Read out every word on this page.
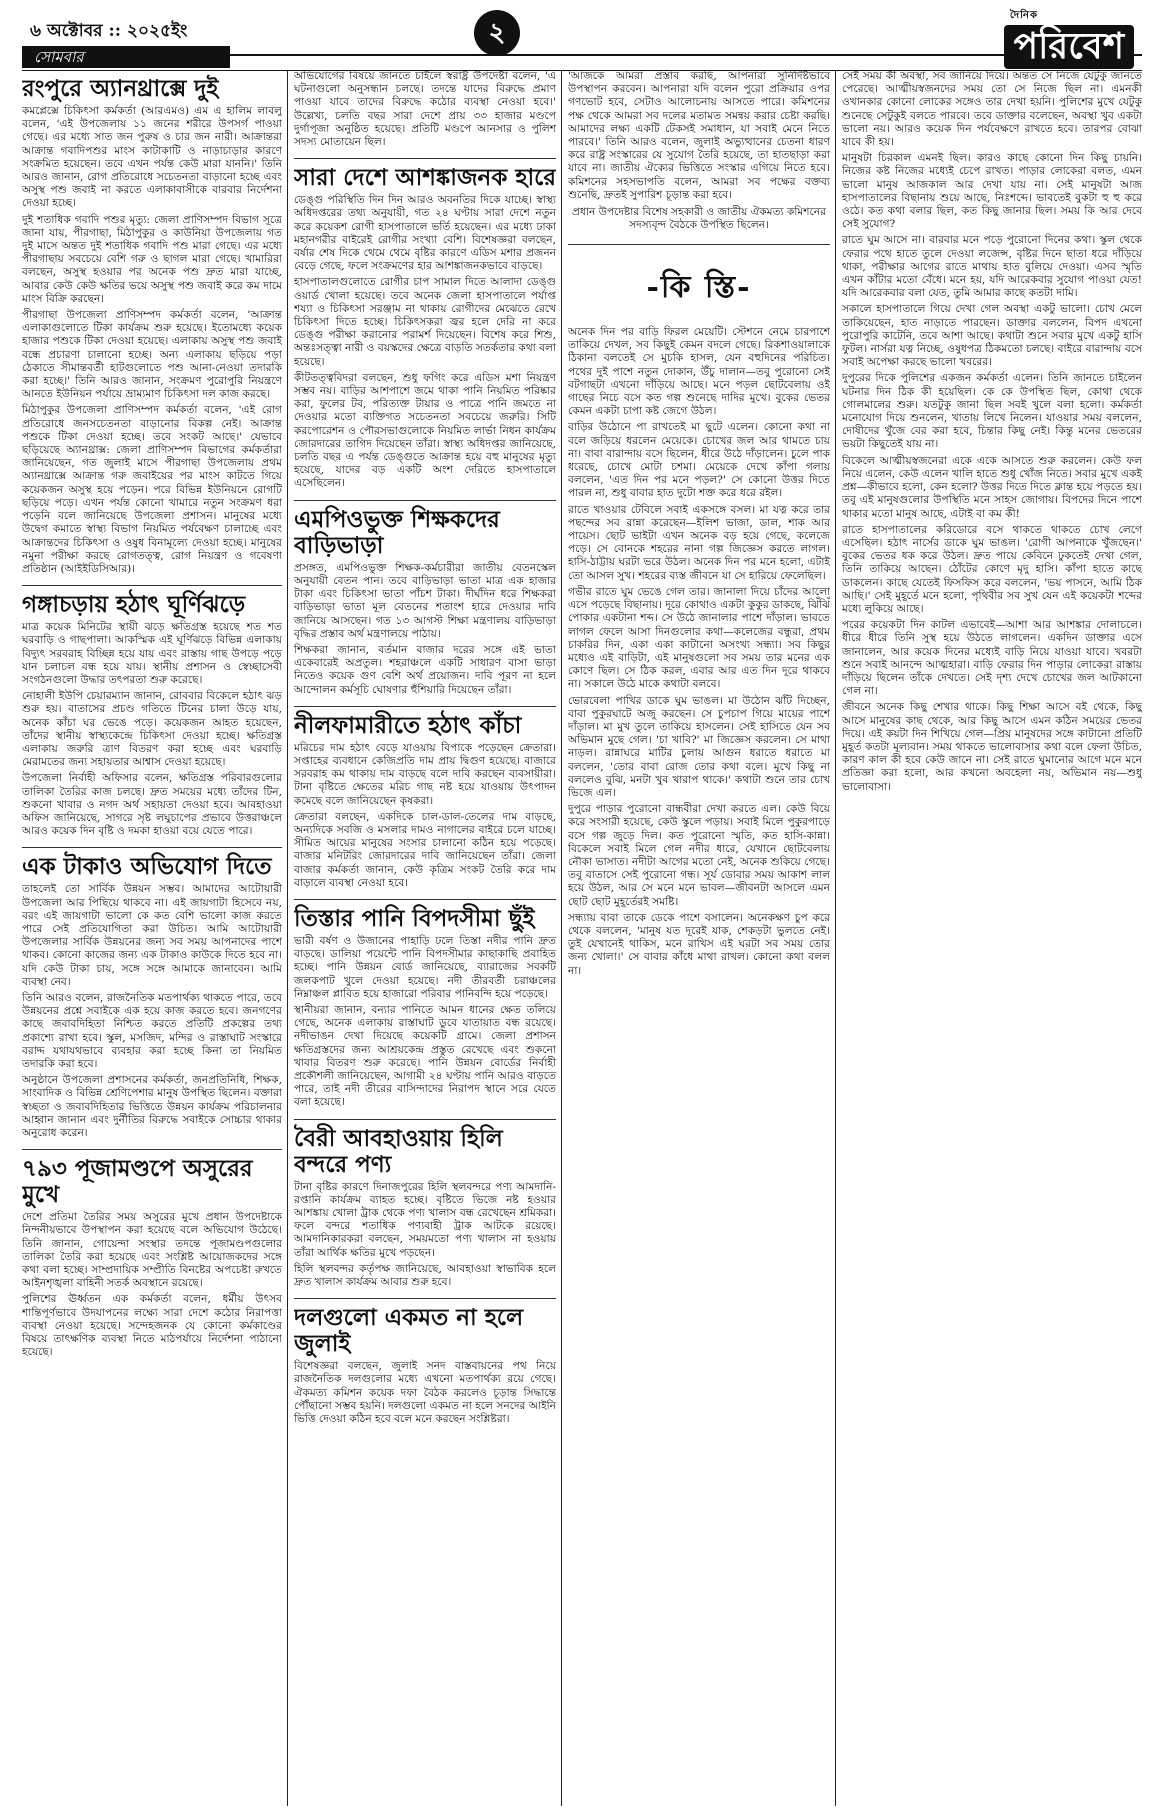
৬ অক্টোবর :: ২০২৫ইং	২
সোমবার
দৈনিক
পরিবেশ
রংপুরে অ্যানথ্রাক্সে দুই

কমপ্লেক্সে চিকিৎসা কর্মকর্তা (আরএমও) এম এ হালিম লাবলু বলেন, 'এই উপজেলায় ১১ জনের শরীরে উপসর্গ পাওয়া গেছে। এর মধ্যে সাত জন পুরুষ ও চার জন নারী। আক্রান্তরা আক্রান্ত গবাদিপশুর মাংস কাটাকাটি ও নাড়াচাড়ার কারণে সংক্রমিত হয়েছেন। তবে এখন পর্যন্ত কেউ মারা যাননি।' তিনি আরও জানান, রোগ প্রতিরোধে সচেতনতা বাড়ানো হচ্ছে এবং অসুস্থ পশু জবাই না করতে এলাকাবাসীকে বারবার নির্দেশনা দেওয়া হচ্ছে।

দুই শতাধিক গবাদি পশুর মৃত্যু: জেলা প্রাণিসম্পদ বিভাগ সূত্রে জানা যায়, পীরগাছা, মিঠাপুকুর ও কাউনিয়া উপজেলায় গত দুই মাসে অন্তত দুই শতাধিক গবাদি পশু মারা গেছে। এর মধ্যে পীরগাছায় সবচেয়ে বেশি গরু ও ছাগল মারা গেছে। খামারিরা বলছেন, অসুস্থ হওয়ার পর অনেক পশু দ্রুত মারা যাচ্ছে, আবার কেউ কেউ ক্ষতির ভয়ে অসুস্থ পশু জবাই করে কম দামে মাংস বিক্রি করছেন।

পীরগাছা উপজেলা প্রাণিসম্পদ কর্মকর্তা বলেন, 'আক্রান্ত এলাকাগুলোতে টিকা কার্যক্রম শুরু হয়েছে। ইতোমধ্যে কয়েক হাজার পশুকে টিকা দেওয়া হয়েছে। এলাকায় অসুস্থ পশু জবাই বন্ধে প্রচারণা চালানো হচ্ছে। অন্য এলাকায় ছড়িয়ে পড়া ঠেকাতে সীমান্তবর্তী হাটগুলোতে পশু আনা-নেওয়া তদারকি করা হচ্ছে।' তিনি আরও জানান, সংক্রমণ পুরোপুরি নিয়ন্ত্রণে আনতে ইউনিয়ন পর্যায়ে ভ্রাম্যমাণ চিকিৎসা দল কাজ করছে।

মিঠাপুকুর উপজেলা প্রাণিসম্পদ কর্মকর্তা বলেন, 'এই রোগ প্রতিরোধে জনসচেতনতা বাড়ানোর বিকল্প নেই। আক্রান্ত পশুকে টিকা দেওয়া হচ্ছে। তবে সংকট আছে।' যেভাবে ছড়িয়েছে অ্যানথ্রাক্স: জেলা প্রাণিসম্পদ বিভাগের কর্মকর্তারা জানিয়েছেন, গত জুলাই মাসে পীরগাছা উপজেলায় প্রথম অ্যানথ্রাক্সে আক্রান্ত গরু জবাইয়ের পর মাংস কাটতে গিয়ে কয়েকজন অসুস্থ হয়ে পড়েন। পরে বিভিন্ন ইউনিয়নে রোগটি ছড়িয়ে পড়ে। এখন পর্যন্ত কোনো খামারে নতুন সংক্রমণ ধরা পড়েনি বলে জানিয়েছে উপজেলা প্রশাসন। মানুষের মধ্যে উদ্বেগ কমাতে স্বাস্থ্য বিভাগ নিয়মিত পর্যবেক্ষণ চালাচ্ছে এবং আক্রান্তদের চিকিৎসা ও ওষুধ বিনামূল্যে দেওয়া হচ্ছে। মানুষের নমুনা পরীক্ষা করছে রোগতত্ত্ব, রোগ নিয়ন্ত্রণ ও গবেষণা প্রতিষ্ঠান (আইইডিসিআর)।

গঙ্গাচড়ায় হঠাৎ ঘূর্ণিঝড়ে

মাত্র কয়েক মিনিটের স্থায়ী ঝড়ে ক্ষতিগ্রস্ত হয়েছে শত শত ঘরবাড়ি ও গাছপালা। আকস্মিক এই ঘূর্ণিঝড়ে বিভিন্ন এলাকায় বিদ্যুৎ সরবরাহ বিচ্ছিন্ন হয়ে যায় এবং রাস্তায় গাছ উপড়ে পড়ে যান চলাচল বন্ধ হয়ে যায়। স্থানীয় প্রশাসন ও স্বেচ্ছাসেবী সংগঠনগুলো উদ্ধার তৎপরতা শুরু করেছে।

নোহালী ইউপি চেয়ারম্যান জানান, রোববার বিকেলে হঠাৎ ঝড় শুরু হয়। বাতাসের প্রচণ্ড গতিতে টিনের চালা উড়ে যায়, অনেক কাঁচা ঘর ভেঙে পড়ে। কয়েকজন আহত হয়েছেন, তাঁদের স্থানীয় স্বাস্থ্যকেন্দ্রে চিকিৎসা দেওয়া হচ্ছে। ক্ষতিগ্রস্ত এলাকায় জরুরি ত্রাণ বিতরণ করা হচ্ছে এবং ঘরবাড়ি মেরামতের জন্য সহায়তার আশ্বাস দেওয়া হয়েছে।

উপজেলা নির্বাহী অফিসার বলেন, ক্ষতিগ্রস্ত পরিবারগুলোর তালিকা তৈরির কাজ চলছে। দ্রুত সময়ের মধ্যে তাঁদের টিন, শুকনো খাবার ও নগদ অর্থ সহায়তা দেওয়া হবে। আবহাওয়া অফিস জানিয়েছে, সাগরে সৃষ্ট লঘুচাপের প্রভাবে উত্তরাঞ্চলে আরও কয়েক দিন বৃষ্টি ও দমকা হাওয়া বয়ে যেতে পারে।

এক টাকাও অভিযোগ দিতে

তাহলেই তো সার্বিক উন্নয়ন সম্ভব। আমাদের আটোয়ারী উপজেলা আর পিছিয়ে থাকবে না। এই জায়গাটা হিসেবে নয়, বরং এই জায়গাটা ভালো কে কত বেশি ভালো কাজ করতে পারে সেই প্রতিযোগিতা করা উচিত। আমি আটোয়ারী উপজেলার সার্বিক উন্নয়নের জন্য সব সময় আপনাদের পাশে থাকব। কোনো কাজের জন্য এক টাকাও কাউকে দিতে হবে না। যদি কেউ টাকা চায়, সঙ্গে সঙ্গে আমাকে জানাবেন। আমি ব্যবস্থা নেব।

তিনি আরও বলেন, রাজনৈতিক মতপার্থক্য থাকতে পারে, তবে উন্নয়নের প্রশ্নে সবাইকে এক হয়ে কাজ করতে হবে। জনগণের কাছে জবাবদিহিতা নিশ্চিত করতে প্রতিটি প্রকল্পের তথ্য প্রকাশ্যে রাখা হবে। স্কুল, মসজিদ, মন্দির ও রাস্তাঘাট সংস্কারে বরাদ্দ যথাযথভাবে ব্যবহার করা হচ্ছে কিনা তা নিয়মিত তদারকি করা হবে।

অনুষ্ঠানে উপজেলা প্রশাসনের কর্মকর্তা, জনপ্রতিনিধি, শিক্ষক, সাংবাদিক ও বিভিন্ন শ্রেণিপেশার মানুষ উপস্থিত ছিলেন। বক্তারা স্বচ্ছতা ও জবাবদিহিতার ভিত্তিতে উন্নয়ন কার্যক্রম পরিচালনার আহ্বান জানান এবং দুর্নীতির বিরুদ্ধে সবাইকে সোচ্চার থাকার অনুরোধ করেন।

৭৯৩ পূজামণ্ডপে অসুরের মুখে

দেশে প্রতিমা তৈরির সময় অসুরের মুখে প্রধান উপদেষ্টাকে নিন্দনীয়ভাবে উপস্থাপন করা হয়েছে বলে অভিযোগ উঠেছে। তিনি জানান, গোয়েন্দা সংস্থার তদন্তে পূজামণ্ডপগুলোর তালিকা তৈরি করা হয়েছে এবং সংশ্লিষ্ট আয়োজকদের সঙ্গে কথা বলা হচ্ছে। সাম্প্রদায়িক সম্প্রীতি বিনষ্টের অপচেষ্টা রুখতে আইনশৃঙ্খলা বাহিনী সতর্ক অবস্থানে রয়েছে।

পুলিশের ঊর্ধ্বতন এক কর্মকর্তা বলেন, ধর্মীয় উৎসব শান্তিপূর্ণভাবে উদযাপনের লক্ষ্যে সারা দেশে কঠোর নিরাপত্তা ব্যবস্থা নেওয়া হয়েছে। সন্দেহজনক যে কোনো কর্মকাণ্ডের বিষয়ে তাৎক্ষণিক ব্যবস্থা নিতে মাঠপর্যায়ে নির্দেশনা পাঠানো হয়েছে।

অভিযোগের বিষয়ে জানতে চাইলে স্বরাষ্ট্র উপদেষ্টা বলেন, 'এ ঘটনাগুলো অনুসন্ধান চলছে। তদন্তে যাদের বিরুদ্ধে প্রমাণ পাওয়া যাবে তাদের বিরুদ্ধে কঠোর ব্যবস্থা নেওয়া হবে।' উল্লেখ্য, চলতি বছর সারা দেশে প্রায় ৩৩ হাজার মণ্ডপে দুর্গাপূজা অনুষ্ঠিত হয়েছে। প্রতিটি মণ্ডপে আনসার ও পুলিশ সদস্য মোতায়েন ছিল।

সারা দেশে আশঙ্কাজনক হারে

ডেঙ্গু পরিস্থিতি দিন দিন আরও অবনতির দিকে যাচ্ছে। স্বাস্থ্য অধিদপ্তরের তথ্য অনুযায়ী, গত ২৪ ঘণ্টায় সারা দেশে নতুন করে কয়েকশ রোগী হাসপাতালে ভর্তি হয়েছেন। এর মধ্যে ঢাকা মহানগরীর বাইরেই রোগীর সংখ্যা বেশি। বিশেষজ্ঞরা বলছেন, বর্ষার শেষ দিকে থেমে থেমে বৃষ্টির কারণে এডিস মশার প্রজনন বেড়ে গেছে, ফলে সংক্রমণের হার আশঙ্কাজনকভাবে বাড়ছে।

হাসপাতালগুলোতে রোগীর চাপ সামাল দিতে আলাদা ডেঙ্গু ওয়ার্ড খোলা হয়েছে। তবে অনেক জেলা হাসপাতালে পর্যাপ্ত শয্যা ও চিকিৎসা সরঞ্জাম না থাকায় রোগীদের মেঝেতে রেখে চিকিৎসা দিতে হচ্ছে। চিকিৎসকরা জ্বর হলে দেরি না করে ডেঙ্গু পরীক্ষা করানোর পরামর্শ দিয়েছেন। বিশেষ করে শিশু, অন্তঃসত্ত্বা নারী ও বয়স্কদের ক্ষেত্রে বাড়তি সতর্কতার কথা বলা হয়েছে।

কীটতত্ত্ববিদরা বলছেন, শুধু ফগিং করে এডিস মশা নিয়ন্ত্রণ সম্ভব নয়। বাড়ির আশপাশে জমে থাকা পানি নিয়মিত পরিষ্কার করা, ফুলের টব, পরিত্যক্ত টায়ার ও পাত্রে পানি জমতে না দেওয়ার মতো ব্যক্তিগত সচেতনতা সবচেয়ে জরুরি। সিটি করপোরেশন ও পৌরসভাগুলোকে নিয়মিত লার্ভা নিধন কার্যক্রম জোরদারের তাগিদ দিয়েছেন তাঁরা। স্বাস্থ্য অধিদপ্তর জানিয়েছে, চলতি বছর এ পর্যন্ত ডেঙ্গুতে আক্রান্ত হয়ে বহু মানুষের মৃত্যু হয়েছে, যাদের বড় একটি অংশ দেরিতে হাসপাতালে এসেছিলেন।

এমপিওভুক্ত শিক্ষকদের বাড়িভাড়া

প্রসঙ্গত, এমপিওভুক্ত শিক্ষক-কর্মচারীরা জাতীয় বেতনস্কেল অনুযায়ী বেতন পান। তবে বাড়িভাড়া ভাতা মাত্র এক হাজার টাকা এবং চিকিৎসা ভাতা পাঁচশ টাকা। দীর্ঘদিন ধরে শিক্ষকরা বাড়িভাড়া ভাতা মূল বেতনের শতাংশ হারে দেওয়ার দাবি জানিয়ে আসছেন। গত ১৩ আগস্ট শিক্ষা মন্ত্রণালয় বাড়িভাড়া বৃদ্ধির প্রস্তাব অর্থ মন্ত্রণালয়ে পাঠায়।

শিক্ষকরা জানান, বর্তমান বাজার দরের সঙ্গে এই ভাতা একেবারেই অপ্রতুল। শহরাঞ্চলে একটি সাধারণ বাসা ভাড়া নিতেও কয়েক গুণ বেশি অর্থ প্রয়োজন। দাবি পূরণ না হলে আন্দোলন কর্মসূচি ঘোষণার হুঁশিয়ারি দিয়েছেন তাঁরা।

নীলফামারীতে হঠাৎ কাঁচা

মরিচের দাম হঠাৎ বেড়ে যাওয়ায় বিপাকে পড়েছেন ক্রেতারা। সপ্তাহের ব্যবধানে কেজিপ্রতি দাম প্রায় দ্বিগুণ হয়েছে। বাজারে সরবরাহ কম থাকায় দাম বাড়ছে বলে দাবি করছেন ব্যবসায়ীরা। টানা বৃষ্টিতে ক্ষেতের মরিচ গাছ নষ্ট হয়ে যাওয়ায় উৎপাদন কমেছে বলে জানিয়েছেন কৃষকরা।

ক্রেতারা বলছেন, একদিকে চাল-ডাল-তেলের দাম বাড়ছে, অন্যদিকে সবজি ও মসলার দামও নাগালের বাইরে চলে যাচ্ছে। সীমিত আয়ের মানুষের সংসার চালানো কঠিন হয়ে পড়েছে। বাজার মনিটরিং জোরদারের দাবি জানিয়েছেন তাঁরা। জেলা বাজার কর্মকর্তা জানান, কেউ কৃত্রিম সংকট তৈরি করে দাম বাড়ালে ব্যবস্থা নেওয়া হবে।

তিস্তার পানি বিপদসীমা ছুঁই

ভারী বর্ষণ ও উজানের পাহাড়ি ঢলে তিস্তা নদীর পানি দ্রুত বাড়ছে। ডালিয়া পয়েন্টে পানি বিপদসীমার কাছাকাছি প্রবাহিত হচ্ছে। পানি উন্নয়ন বোর্ড জানিয়েছে, ব্যারাজের সবকটি জলকপাট খুলে দেওয়া হয়েছে। নদী তীরবর্তী চরাঞ্চলের নিম্নাঞ্চল প্লাবিত হয়ে হাজারো পরিবার পানিবন্দি হয়ে পড়েছে।

স্থানীয়রা জানান, বন্যার পানিতে আমন ধানের ক্ষেত তলিয়ে গেছে, অনেক এলাকায় রাস্তাঘাট ডুবে যাতায়াত বন্ধ রয়েছে। নদীভাঙন দেখা দিয়েছে কয়েকটি গ্রামে। জেলা প্রশাসন ক্ষতিগ্রস্তদের জন্য আশ্রয়কেন্দ্র প্রস্তুত রেখেছে এবং শুকনো খাবার বিতরণ শুরু করেছে। পানি উন্নয়ন বোর্ডের নির্বাহী প্রকৌশলী জানিয়েছেন, আগামী ২৪ ঘণ্টায় পানি আরও বাড়তে পারে, তাই নদী তীরের বাসিন্দাদের নিরাপদ স্থানে সরে যেতে বলা হয়েছে।

বৈরী আবহাওয়ায় হিলি বন্দরে পণ্য

টানা বৃষ্টির কারণে দিনাজপুরের হিলি স্থলবন্দরে পণ্য আমদানি-রপ্তানি কার্যক্রম ব্যাহত হচ্ছে। বৃষ্টিতে ভিজে নষ্ট হওয়ার আশঙ্কায় খোলা ট্রাক থেকে পণ্য খালাস বন্ধ রেখেছেন শ্রমিকরা। ফলে বন্দরে শতাধিক পণ্যবাহী ট্রাক আটকে রয়েছে। আমদানিকারকরা বলছেন, সময়মতো পণ্য খালাস না হওয়ায় তাঁরা আর্থিক ক্ষতির মুখে পড়ছেন।

হিলি স্থলবন্দর কর্তৃপক্ষ জানিয়েছে, আবহাওয়া স্বাভাবিক হলে দ্রুত খালাস কার্যক্রম আবার শুরু হবে।

দলগুলো একমত না হলে জুলাই

বিশেষজ্ঞরা বলছেন, জুলাই সনদ বাস্তবায়নের পথ নিয়ে রাজনৈতিক দলগুলোর মধ্যে এখনো মতপার্থক্য রয়ে গেছে। ঐকমত্য কমিশন কয়েক দফা বৈঠক করলেও চূড়ান্ত সিদ্ধান্তে পৌঁছানো সম্ভব হয়নি। দলগুলো একমত না হলে সনদের আইনি ভিত্তি দেওয়া কঠিন হবে বলে মনে করছেন সংশ্লিষ্টরা।

'আজকে আমরা প্রস্তাব করছি, আপনারা সুনির্দিষ্টভাবে উপস্থাপন করবেন। আপনারা যদি বলেন পুরো প্রক্রিয়ার ওপর গণভোট হবে, সেটাও আলোচনায় আসতে পারে। কমিশনের পক্ষ থেকে আমরা সব দলের মতামত সমন্বয় করার চেষ্টা করছি। আমাদের লক্ষ্য একটি টেকসই সমাধান, যা সবাই মেনে নিতে পারবে।' তিনি আরও বলেন, জুলাই অভ্যুত্থানের চেতনা ধারণ করে রাষ্ট্র সংস্কারের যে সুযোগ তৈরি হয়েছে, তা হাতছাড়া করা যাবে না। জাতীয় ঐক্যের ভিত্তিতে সংস্কার এগিয়ে নিতে হবে। কমিশনের সহসভাপতি বলেন, আমরা সব পক্ষের বক্তব্য শুনেছি, দ্রুতই সুপারিশ চূড়ান্ত করা হবে।

প্রধান উপদেষ্টার বিশেষ সহকারী ও জাতীয় ঐকমত্য কমিশনের সদস্যবৃন্দ বৈঠকে উপস্থিত ছিলেন।

-কি স্তি-

অনেক দিন পর বাড়ি ফিরল মেয়েটি। স্টেশনে নেমে চারপাশে তাকিয়ে দেখল, সব কিছুই কেমন বদলে গেছে। রিকশাওয়ালাকে ঠিকানা বলতেই সে মুচকি হাসল, যেন বহুদিনের পরিচিত। পথের দুই পাশে নতুন দোকান, উঁচু দালান—তবু পুরোনো সেই বটগাছটা এখনো দাঁড়িয়ে আছে। মনে পড়ল ছোটবেলায় ওই গাছের নিচে বসে কত গল্প শুনেছে দাদির মুখে। বুকের ভেতর কেমন একটা চাপা কষ্ট জেগে উঠল।

বাড়ির উঠোনে পা রাখতেই মা ছুটে এলেন। কোনো কথা না বলে জড়িয়ে ধরলেন মেয়েকে। চোখের জল আর থামতে চায় না। বাবা বারান্দায় বসে ছিলেন, ধীরে উঠে দাঁড়ালেন। চুলে পাক ধরেছে, চোখে মোটা চশমা। মেয়েকে দেখে কাঁপা গলায় বললেন, 'এত দিন পর মনে পড়ল?' সে কোনো উত্তর দিতে পারল না, শুধু বাবার হাত দুটো শক্ত করে ধরে রইল।

রাতে খাওয়ার টেবিলে সবাই একসঙ্গে বসল। মা যত্ন করে তার পছন্দের সব রান্না করেছেন—ইলিশ ভাজা, ডাল, শাক আর পায়েস। ছোট ভাইটা এখন অনেক বড় হয়ে গেছে, কলেজে পড়ে। সে বোনকে শহরের নানা গল্প জিজ্ঞেস করতে লাগল। হাসি-ঠাট্টায় ঘরটা ভরে উঠল। অনেক দিন পর মনে হলো, এটাই তো আসল সুখ। শহরের ব্যস্ত জীবনে যা সে হারিয়ে ফেলেছিল।

গভীর রাতে ঘুম ভেঙে গেল তার। জানালা দিয়ে চাঁদের আলো এসে পড়েছে বিছানায়। দূরে কোথাও একটা কুকুর ডাকছে, ঝিঁঝিঁ পোকার একটানা শব্দ। সে উঠে জানালার পাশে দাঁড়াল। ভাবতে লাগল ফেলে আসা দিনগুলোর কথা—কলেজের বন্ধুরা, প্রথম চাকরির দিন, একা একা কাটানো অসংখ্য সন্ধ্যা। সব কিছুর মধ্যেও এই বাড়িটা, এই মানুষগুলো সব সময় তার মনের এক কোণে ছিল। সে ঠিক করল, এবার আর এত দিন দূরে থাকবে না। সকালে উঠে মাকে কথাটা বলবে।

ভোরবেলা পাখির ডাকে ঘুম ভাঙল। মা উঠোন ঝাঁট দিচ্ছেন, বাবা পুকুরঘাটে অজু করছেন। সে চুপচাপ গিয়ে মায়ের পাশে দাঁড়াল। মা মুখ তুলে তাকিয়ে হাসলেন। সেই হাসিতে যেন সব অভিমান মুছে গেল। 'চা খাবি?' মা জিজ্ঞেস করলেন। সে মাথা নাড়ল। রান্নাঘরে মাটির চুলায় আগুন ধরাতে ধরাতে মা বললেন, 'তোর বাবা রোজ তোর কথা বলে। মুখে কিছু না বললেও বুঝি, মনটা খুব খারাপ থাকে।' কথাটা শুনে তার চোখ ভিজে এল।

দুপুরে পাড়ার পুরোনো বান্ধবীরা দেখা করতে এল। কেউ বিয়ে করে সংসারী হয়েছে, কেউ স্কুলে পড়ায়। সবাই মিলে পুকুরপাড়ে বসে গল্প জুড়ে দিল। কত পুরোনো স্মৃতি, কত হাসি-কান্না। বিকেলে সবাই মিলে গেল নদীর ধারে, যেখানে ছোটবেলায় নৌকা ভাসাত। নদীটা আগের মতো নেই, অনেক শুকিয়ে গেছে। তবু বাতাসে সেই পুরোনো গন্ধ। সূর্য ডোবার সময় আকাশ লাল হয়ে উঠল, আর সে মনে মনে ভাবল—জীবনটা আসলে এমন ছোট ছোট মুহূর্তেরই সমষ্টি।

সন্ধ্যায় বাবা তাকে ডেকে পাশে বসালেন। অনেকক্ষণ চুপ করে থেকে বললেন, 'মানুষ যত দূরেই যাক, শেকড়টা ভুলতে নেই। তুই যেখানেই থাকিস, মনে রাখিস এই ঘরটা সব সময় তোর জন্য খোলা।' সে বাবার কাঁধে মাথা রাখল। কোনো কথা বলল না।

সেই সময় কী অবস্থা, সব জানিয়ে দিয়ে। অন্তত সে নিজে যেটুকু জানতে পেরেছে। আত্মীয়স্বজনদের সময় তো সে নিজে ছিল না। এমনকী ওখানকার কোনো লোকের সঙ্গেও তার দেখা হয়নি। পুলিশের মুখে যেটুকু শুনেছে সেটুকুই বলতে পারবে। তবে ডাক্তার বলেছেন, অবস্থা খুব একটা ভালো নয়। আরও কয়েক দিন পর্যবেক্ষণে রাখতে হবে। তারপর বোঝা যাবে কী হয়।

মানুষটা চিরকাল এমনই ছিল। কারও কাছে কোনো দিন কিছু চায়নি। নিজের কষ্ট নিজের মধ্যেই চেপে রাখত। পাড়ার লোকেরা বলত, এমন ভালো মানুষ আজকাল আর দেখা যায় না। সেই মানুষটা আজ হাসপাতালের বিছানায় শুয়ে আছে, নিঃশব্দে। ভাবতেই বুকটা হু হু করে ওঠে। কত কথা বলার ছিল, কত কিছু জানার ছিল। সময় কি আর দেবে সেই সুযোগ?

রাতে ঘুম আসে না। বারবার মনে পড়ে পুরোনো দিনের কথা। স্কুল থেকে ফেরার পথে হাতে তুলে দেওয়া লজেন্স, বৃষ্টির দিনে ছাতা ধরে দাঁড়িয়ে থাকা, পরীক্ষার আগের রাতে মাথায় হাত বুলিয়ে দেওয়া। এসব স্মৃতি এখন কাঁটার মতো বেঁধে। মনে হয়, যদি আরেকবার সুযোগ পাওয়া যেত! যদি আরেকবার বলা যেত, তুমি আমার কাছে কতটা দামি।

সকালে হাসপাতালে গিয়ে দেখা গেল অবস্থা একটু ভালো। চোখ মেলে তাকিয়েছেন, হাত নাড়াতে পারছেন। ডাক্তার বললেন, বিপদ এখনো পুরোপুরি কাটেনি, তবে আশা আছে। কথাটা শুনে সবার মুখে একটু হাসি ফুটল। নার্সরা যত্ন নিচ্ছে, ওষুধপত্র ঠিকমতো চলছে। বাইরে বারান্দায় বসে সবাই অপেক্ষা করছে ভালো খবরের।

দুপুরের দিকে পুলিশের একজন কর্মকর্তা এলেন। তিনি জানতে চাইলেন ঘটনার দিন ঠিক কী হয়েছিল। কে কে উপস্থিত ছিল, কোথা থেকে গোলমালের শুরু। যতটুকু জানা ছিল সবই খুলে বলা হলো। কর্মকর্তা মনোযোগ দিয়ে শুনলেন, খাতায় লিখে নিলেন। যাওয়ার সময় বললেন, দোষীদের খুঁজে বের করা হবে, চিন্তার কিছু নেই। কিন্তু মনের ভেতরের ভয়টা কিছুতেই যায় না।

বিকেলে আত্মীয়স্বজনেরা একে একে আসতে শুরু করলেন। কেউ ফল নিয়ে এলেন, কেউ এলেন খালি হাতে শুধু খোঁজ নিতে। সবার মুখে একই প্রশ্ন—কীভাবে হলো, কেন হলো? উত্তর দিতে দিতে ক্লান্ত হয়ে পড়তে হয়। তবু এই মানুষগুলোর উপস্থিতি মনে সাহস জোগায়। বিপদের দিনে পাশে থাকার মতো মানুষ আছে, এটাই বা কম কী!

রাতে হাসপাতালের করিডোরে বসে থাকতে থাকতে চোখ লেগে এসেছিল। হঠাৎ নার্সের ডাকে ঘুম ভাঙল। 'রোগী আপনাকে খুঁজছেন।' বুকের ভেতর ধক করে উঠল। দ্রুত পায়ে কেবিনে ঢুকতেই দেখা গেল, তিনি তাকিয়ে আছেন। ঠোঁটের কোণে মৃদু হাসি। কাঁপা হাতে কাছে ডাকলেন। কাছে যেতেই ফিসফিস করে বললেন, 'ভয় পাসনে, আমি ঠিক আছি।' সেই মুহূর্তে মনে হলো, পৃথিবীর সব সুখ যেন এই কয়েকটা শব্দের মধ্যে লুকিয়ে আছে।

পরের কয়েকটা দিন কাটল এভাবেই—আশা আর আশঙ্কার দোলাচলে। ধীরে ধীরে তিনি সুস্থ হয়ে উঠতে লাগলেন। একদিন ডাক্তার এসে জানালেন, আর কয়েক দিনের মধ্যেই বাড়ি নিয়ে যাওয়া যাবে। খবরটা শুনে সবাই আনন্দে আত্মহারা। বাড়ি ফেরার দিন পাড়ার লোকেরা রাস্তায় দাঁড়িয়ে ছিলেন তাঁকে দেখতে। সেই দৃশ্য দেখে চোখের জল আটকানো গেল না।

জীবনে অনেক কিছু শেখার থাকে। কিছু শিক্ষা আসে বই থেকে, কিছু আসে মানুষের কাছ থেকে, আর কিছু আসে এমন কঠিন সময়ের ভেতর দিয়ে। এই কয়টা দিন শিখিয়ে গেল—প্রিয় মানুষদের সঙ্গে কাটানো প্রতিটি মুহূর্ত কতটা মূল্যবান। সময় থাকতে ভালোবাসার কথা বলে ফেলা উচিত, কারণ কাল কী হবে কেউ জানে না। সেই রাতে ঘুমানোর আগে মনে মনে প্রতিজ্ঞা করা হলো, আর কখনো অবহেলা নয়, অভিমান নয়—শুধু ভালোবাসা।
